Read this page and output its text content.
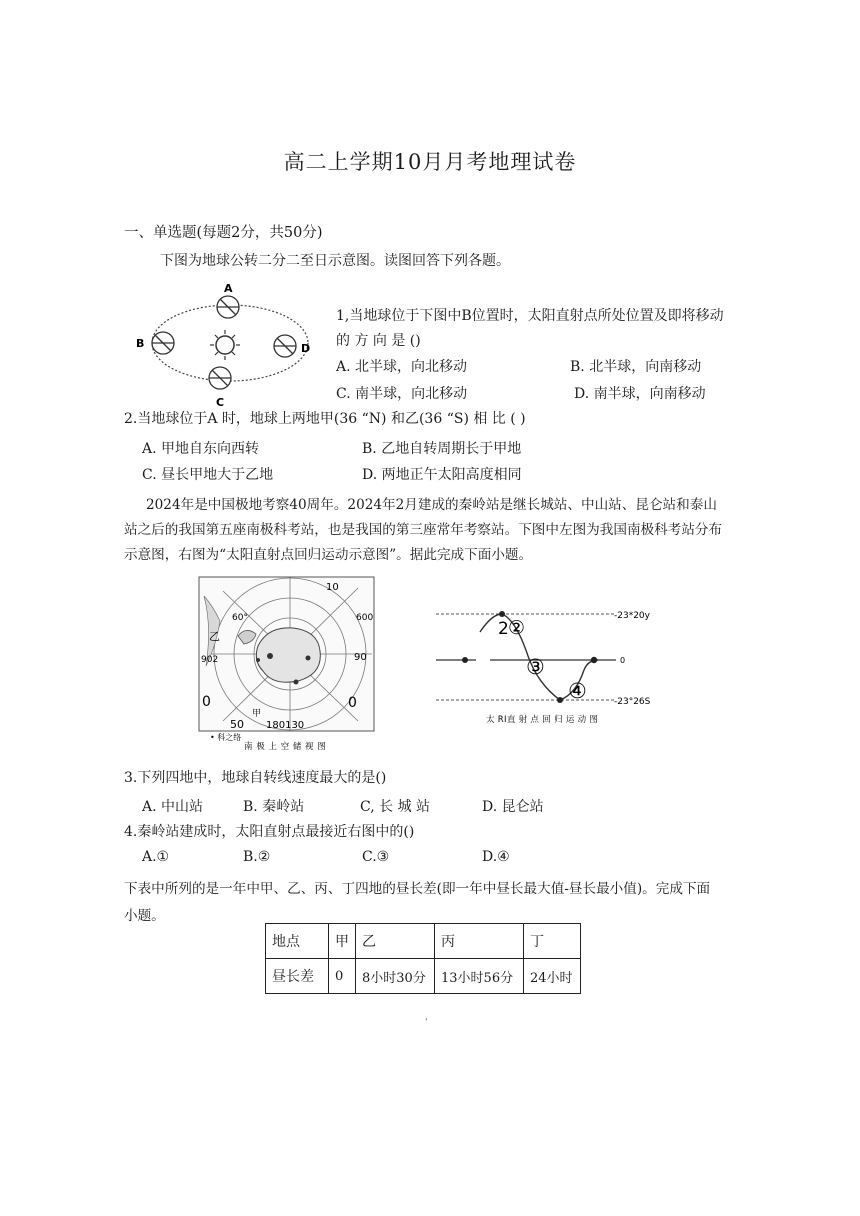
高二上学期10月月考地理试卷
一、单选题(每题2分，共50分)
下图为地球公转二分二至日示意图。读图回答下列各题。
A
B
C
D
1,当地球位于下图中B位置时，太阳直射点所处位置及即将移动
的 方 向 是 ()
A. 北半球，向北移动	B. 北半球，向南移动
C. 南半球，向北移动	D. 南半球，向南移动
2.当地球位于A 时，地球上两地甲(36 “N) 和乙(36 “S) 相 比 ( )
A. 甲地自东向西转	B. 乙地自转周期长于甲地
C. 昼长甲地大于乙地	D. 两地正午太阳高度相同
2024年是中国极地考察40周年。2024年2月建成的秦岭站是继长城站、中山站、昆仑站和泰山
站之后的我国第五座南极科考站，也是我国的第三座常年考察站。下图中左图为我国南极科考站分布
示意图，右图为“太阳直射点回归运动示意图”。据此完成下面小题。
10
60°	600
90
902
乙
0	0
50
甲
180130
• 科之络
南 极 上 空 储 视 图
2 ②
③
④
-23*20y
0
-23°26S
太 RI直 射 点 回 归 运 动 图
3.下列四地中，地球自转线速度最大的是()
A. 中山站	B. 秦岭站	C, 长 城 站	D. 昆仑站
4.秦岭站建成时，太阳直射点最接近右图中的()
A.①	B.②	C.③	D.④
下表中所列的是一年中甲、乙、丙、丁四地的昼长差(即一年中昼长最大值-昼长最小值)。完成下面
小题。
地点	甲	乙	丙	丁
昼长差	0	8小时30分	13小时56分	24小时
'
